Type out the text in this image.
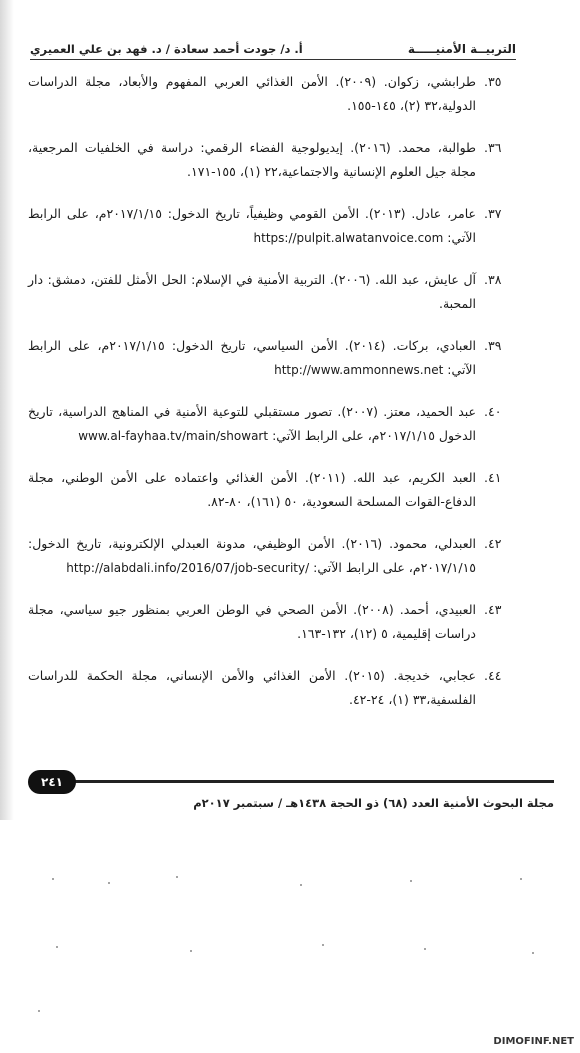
التربيــة الأمنيـــــة
أ. د/ جودت أحمد سعادة / د. فهد بن علي العميري
٣٥.
طرابشي، زكوان. (٢٠٠٩). الأمن الغذائي العربي المفهوم والأبعاد، مجلة الدراسات الدولية،٣٢ (٢)، ١٤٥-١٥٥.
٣٦.
طوالبة، محمد. (٢٠١٦). إيديولوجية الفضاء الرقمي: دراسة في الخلفيات المرجعية، مجلة جيل العلوم الإنسانية والاجتماعية،٢٢ (١)، ١٥٥-١٧١.
٣٧.
عامر، عادل. (٢٠١٣). الأمن القومي وظيفياً، تاريخ الدخول: ٢٠١٧/١/١٥م، على الرابط الآتي: https://pulpit.alwatanvoice.com
٣٨.
آل عايش، عبد الله. (٢٠٠٦). التربية الأمنية في الإسلام: الحل الأمثل للفتن، دمشق: دار المحبة.
٣٩.
العبادي، بركات. (٢٠١٤). الأمن السياسي، تاريخ الدخول: ٢٠١٧/١/١٥م، على الرابط الآتي: http://www.ammonnews.net
٤٠.
عبد الحميد، معتز. (٢٠٠٧). تصور مستقبلي للتوعية الأمنية في المناهج الدراسية، تاريخ الدخول ٢٠١٧/١/١٥م، على الرابط الآتي: www.al-fayhaa.tv/main/showart
٤١.
العبد الكريم، عبد الله. (٢٠١١). الأمن الغذائي واعتماده على الأمن الوطني، مجلة الدفاع-القوات المسلحة السعودية، ٥٠ (١٦١)، ٨٠-٨٢.
٤٢.
العبدلي، محمود. (٢٠١٦). الأمن الوظيفي، مدونة العبدلي الإلكترونية، تاريخ الدخول: ٢٠١٧/١/١٥م، على الرابط الآتي: http://alabdali.info/2016/07/job-security/
٤٣.
العبيدي، أحمد. (٢٠٠٨). الأمن الصحي في الوطن العربي بمنظور جيو سياسي، مجلة دراسات إقليمية، ٥ (١٢)، ١٣٢-١٦٣.
٤٤.
عجابي، خديجة. (٢٠١٥). الأمن الغذائي والأمن الإنساني، مجلة الحكمة للدراسات الفلسفية،٣٣ (١)، ٢٤-٤٢.
٢٤١
مجلة البحوث الأمنية العدد (٦٨) ذو الحجة ١٤٣٨هـ / سبتمبر ٢٠١٧م
DIMOFINF.NET
